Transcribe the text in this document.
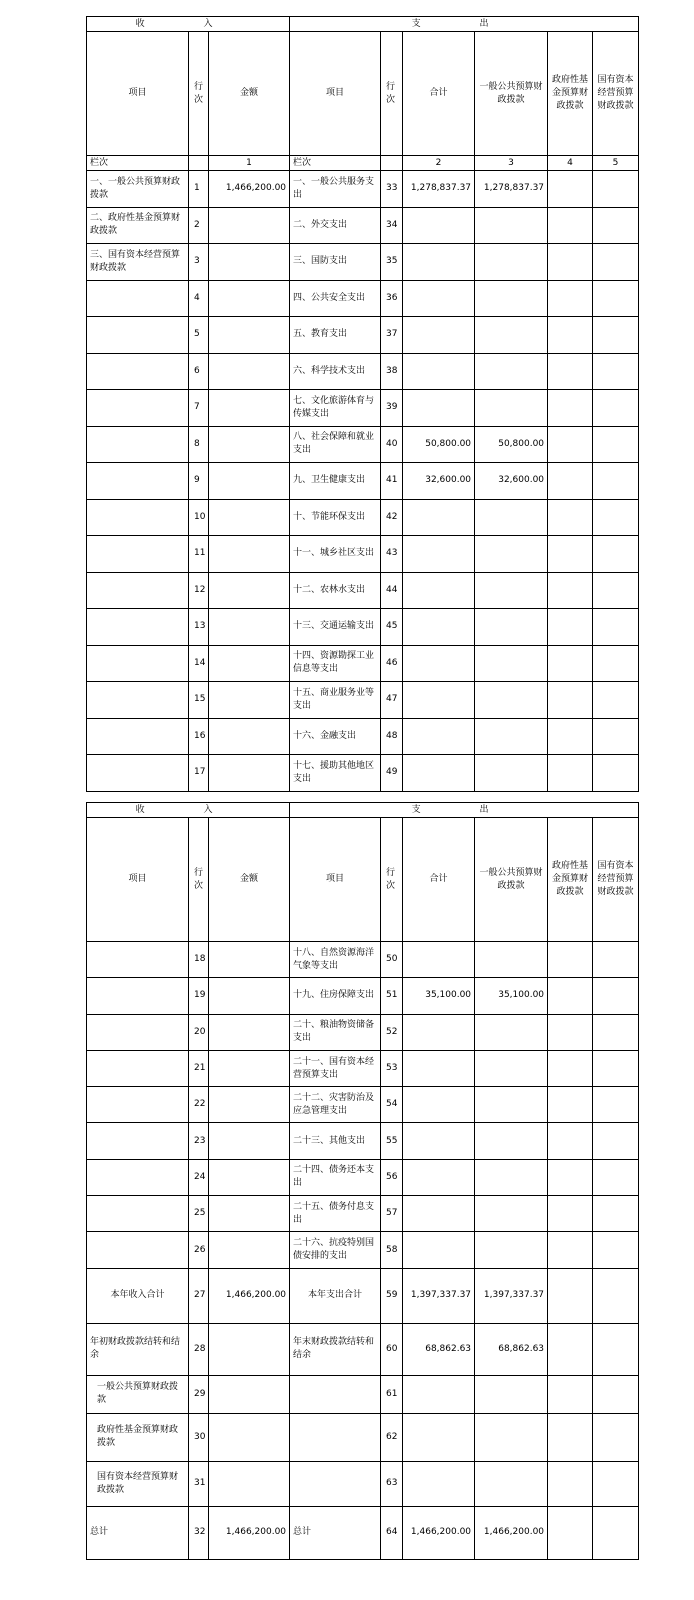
收 入			支 出					
项目	行次	金额	项目	行次	合计	一般公共预算财政拨款	政府性基金预算财政拨款	国有资本经营预算财政拨款
栏次		1	栏次		2	3	4	5
一、一般公共预算财政拨款	1	1,466,200.00	一、一般公共服务支出	33	1,278,837.37	1,278,837.37		
二、政府性基金预算财政拨款	2		二、外交支出	34				
三、国有资本经营预算财政拨款	3		三、国防支出	35				
	4		四、公共安全支出	36				
	5		五、教育支出	37				
	6		六、科学技术支出	38				
	7		七、文化旅游体育与传媒支出	39				
	8		八、社会保障和就业支出	40	50,800.00	50,800.00		
	9		九、卫生健康支出	41	32,600.00	32,600.00		
	10		十、节能环保支出	42				
	11		十一、城乡社区支出	43				
	12		十二、农林水支出	44				
	13		十三、交通运输支出	45				
	14		十四、资源勘探工业信息等支出	46				
	15		十五、商业服务业等支出	47				
	16		十六、金融支出	48				
	17		十七、援助其他地区支出	49				
收 入			支 出					
项目	行次	金额	项目	行次	合计	一般公共预算财政拨款	政府性基金预算财政拨款	国有资本经营预算财政拨款
	18		十八、自然资源海洋气象等支出	50				
	19		十九、住房保障支出	51	35,100.00	35,100.00		
	20		二十、粮油物资储备支出	52				
	21		二十一、国有资本经营预算支出	53				
	22		二十二、灾害防治及应急管理支出	54				
	23		二十三、其他支出	55				
	24		二十四、债务还本支出	56				
	25		二十五、债务付息支出	57				
	26		二十六、抗疫特别国债安排的支出	58				
本年收入合计	27	1,466,200.00	本年支出合计	59	1,397,337.37	1,397,337.37		
年初财政拨款结转和结余	28		年末财政拨款结转和结余	60	68,862.63	68,862.63		
一般公共预算财政拨款	29			61				
政府性基金预算财政拨款	30			62				
国有资本经营预算财政拨款	31			63				
总计	32	1,466,200.00	总计	64	1,466,200.00	1,466,200.00		
